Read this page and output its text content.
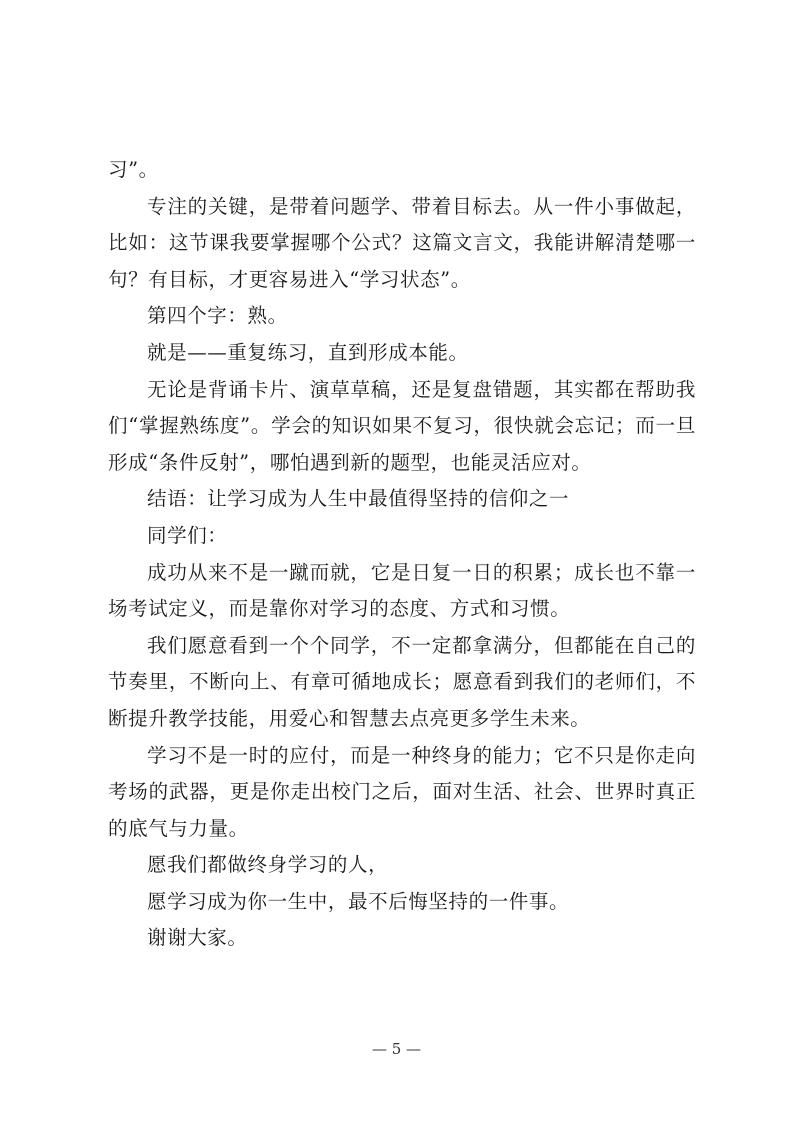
习”。

专注的关键，是带着问题学、带着目标去。从一件小事做起，比如：这节课我要掌握哪个公式？这篇文言文，我能讲解清楚哪一句？有目标，才更容易进入“学习状态”。

第四个字：熟。

就是——重复练习，直到形成本能。

无论是背诵卡片、演草草稿，还是复盘错题，其实都在帮助我们“掌握熟练度”。学会的知识如果不复习，很快就会忘记；而一旦形成“条件反射”，哪怕遇到新的题型，也能灵活应对。

结语：让学习成为人生中最值得坚持的信仰之一

同学们：

成功从来不是一蹴而就，它是日复一日的积累；成长也不靠一场考试定义，而是靠你对学习的态度、方式和习惯。

我们愿意看到一个个同学，不一定都拿满分，但都能在自己的节奏里，不断向上、有章可循地成长；愿意看到我们的老师们，不断提升教学技能，用爱心和智慧去点亮更多学生未来。

学习不是一时的应付，而是一种终身的能力；它不只是你走向考场的武器，更是你走出校门之后，面对生活、社会、世界时真正的底气与力量。

愿我们都做终身学习的人，

愿学习成为你一生中，最不后悔坚持的一件事。

谢谢大家。

— 5 —
